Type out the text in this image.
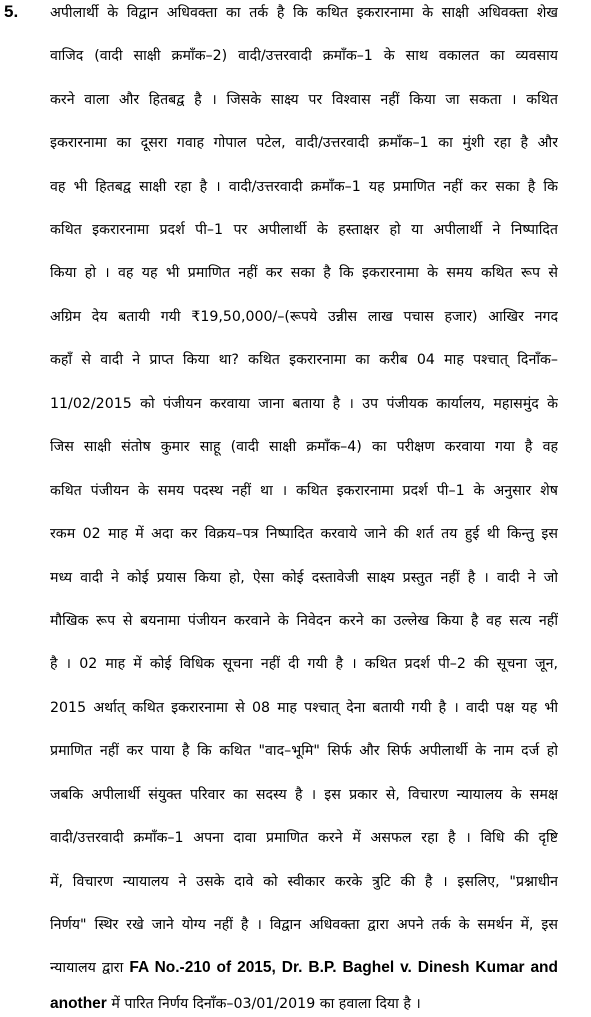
5. अपीलार्थी के विद्वान अधिवक्ता का तर्क है कि कथित इकरारनामा के साक्षी अधिवक्ता शेख
वाजिद (वादी साक्षी क्रमाँक–2) वादी/उत्तरवादी क्रमाँक–1 के साथ वकालत का व्यवसाय
करने वाला और हितबद्व है । जिसके साक्ष्य पर विश्वास नहीं किया जा सकता । कथित
इकरारनामा का दूसरा गवाह गोपाल पटेल, वादी/उत्तरवादी क्रमाँक–1 का मुंशी रहा है और
वह भी हितबद्व साक्षी रहा है । वादी/उत्तरवादी क्रमाँक–1 यह प्रमाणित नहीं कर सका है कि
कथित इकरारनामा प्रदर्श पी–1 पर अपीलार्थी के हस्ताक्षर हो या अपीलार्थी ने निष्पादित
किया हो । वह यह भी प्रमाणित नहीं कर सका है कि इकरारनामा के समय कथित रूप से
अग्रिम देय बतायी गयी ₹19,50,000/–(रूपये उन्नीस लाख पचास हजार) आखिर नगद
कहाँ से वादी ने प्राप्त किया था? कथित इकरारनामा का करीब 04 माह पश्चात् दिनाँक–
11/02/2015 को पंजीयन करवाया जाना बताया है । उप पंजीयक कार्यालय, महासमुंद के
जिस साक्षी संतोष कुमार साहू (वादी साक्षी क्रमाँक–4) का परीक्षण करवाया गया है वह
कथित पंजीयन के समय पदस्थ नहीं था । कथित इकरारनामा प्रदर्श पी–1 के अनुसार शेष
रकम 02 माह में अदा कर विक्रय–पत्र निष्पादित करवाये जाने की शर्त तय हुई थी किन्तु इस
मध्य वादी ने कोई प्रयास किया हो, ऐसा कोई दस्तावेजी साक्ष्य प्रस्तुत नहीं है । वादी ने जो
मौखिक रूप से बयनामा पंजीयन करवाने के निवेदन करने का उल्लेख किया है वह सत्य नहीं
है । 02 माह में कोई विधिक सूचना नहीं दी गयी है । कथित प्रदर्श पी–2 की सूचना जून,
2015 अर्थात् कथित इकरारनामा से 08 माह पश्चात् देना बतायी गयी है । वादी पक्ष यह भी
प्रमाणित नहीं कर पाया है कि कथित "वाद–भूमि" सिर्फ और सिर्फ अपीलार्थी के नाम दर्ज हो
जबकि अपीलार्थी संयुक्त परिवार का सदस्य है । इस प्रकार से, विचारण न्यायालय के समक्ष
वादी/उत्तरवादी क्रमाँक–1 अपना दावा प्रमाणित करने में असफल रहा है । विधि की दृष्टि
में, विचारण न्यायालय ने उसके दावे को स्वीकार करके त्रुटि की है । इसलिए, "प्रश्नाधीन
निर्णय" स्थिर रखे जाने योग्य नहीं है । विद्वान अधिवक्ता द्वारा अपने तर्क के समर्थन में, इस
न्यायालय द्वारा FA No.-210 of 2015, Dr. B.P. Baghel v. Dinesh Kumar and
another में पारित निर्णय दिनाँक–03/01/2019 का हवाला दिया है ।
